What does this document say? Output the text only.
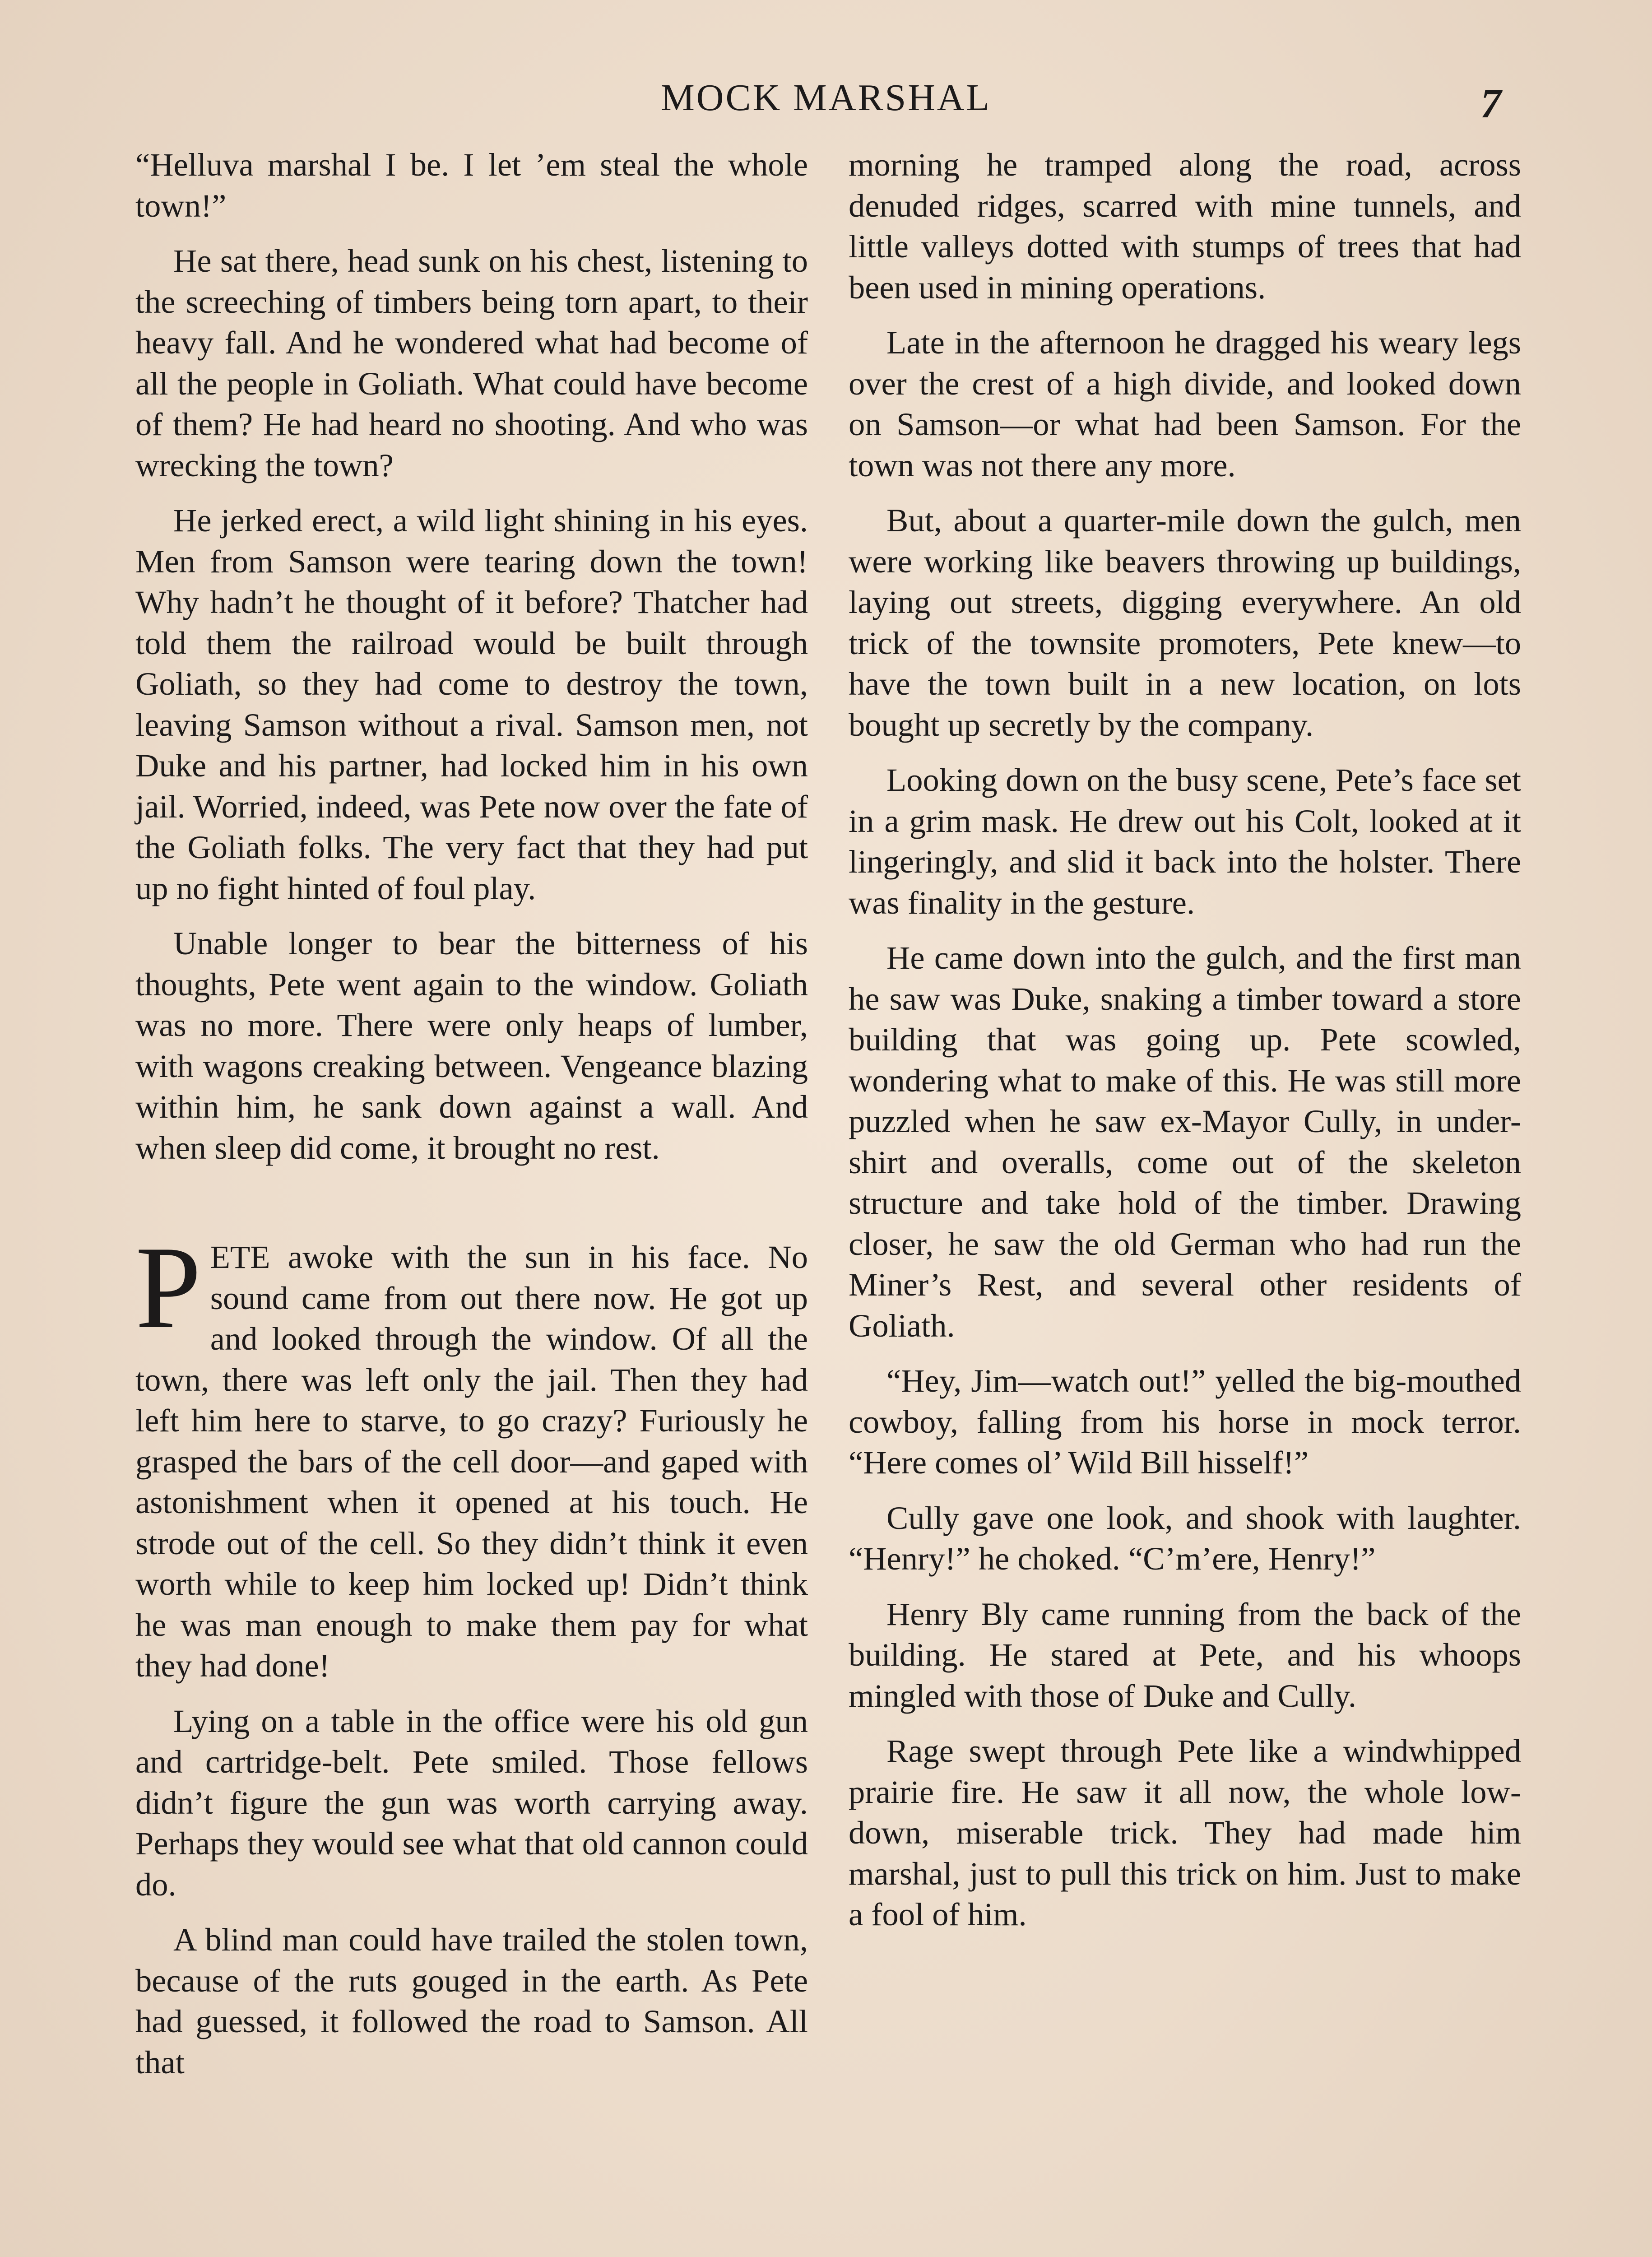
MOCK MARSHAL	7

“Helluva marshal I be. I let ’em steal the whole town!”

He sat there, head sunk on his chest, listening to the screeching of timbers being torn apart, to their heavy fall. And he wondered what had become of all the people in Goliath. What could have become of them? He had heard no shooting. And who was wrecking the town?

He jerked erect, a wild light shining in his eyes. Men from Samson were tearing down the town! Why hadn’t he thought of it before? Thatcher had told them the railroad would be built through Goliath, so they had come to destroy the town, leaving Samson without a rival. Samson men, not Duke and his partner, had locked him in his own jail. Worried, indeed, was Pete now over the fate of the Goliath folks. The very fact that they had put up no fight hinted of foul play.

Unable longer to bear the bitterness of his thoughts, Pete went again to the window. Goliath was no more. There were only heaps of lumber, with wagons creaking between. Vengeance blazing within him, he sank down against a wall. And when sleep did come, it brought no rest.

PETE awoke with the sun in his face. No sound came from out there now. He got up and looked through the window. Of all the town, there was left only the jail. Then they had left him here to starve, to go crazy? Furiously he grasped the bars of the cell door—and gaped with astonishment when it opened at his touch. He strode out of the cell. So they didn’t think it even worth while to keep him locked up! Didn’t think he was man enough to make them pay for what they had done!

Lying on a table in the office were his old gun and cartridge-belt. Pete smiled. Those fellows didn’t figure the gun was worth carrying away. Perhaps they would see what that old cannon could do.

A blind man could have trailed the stolen town, because of the ruts gouged in the earth. As Pete had guessed, it followed the road to Samson. All that

morning he tramped along the road, across denuded ridges, scarred with mine tunnels, and little valleys dotted with stumps of trees that had been used in mining operations.

Late in the afternoon he dragged his weary legs over the crest of a high divide, and looked down on Samson—or what had been Samson. For the town was not there any more.

But, about a quarter-mile down the gulch, men were working like beavers throwing up buildings, laying out streets, digging everywhere. An old trick of the townsite promoters, Pete knew—to have the town built in a new location, on lots bought up secretly by the company.

Looking down on the busy scene, Pete’s face set in a grim mask. He drew out his Colt, looked at it lingeringly, and slid it back into the holster. There was finality in the gesture.

He came down into the gulch, and the first man he saw was Duke, snaking a timber toward a store building that was going up. Pete scowled, wondering what to make of this. He was still more puzzled when he saw ex-Mayor Cully, in under-shirt and overalls, come out of the skeleton structure and take hold of the timber. Drawing closer, he saw the old German who had run the Miner’s Rest, and several other residents of Goliath.

“Hey, Jim—watch out!” yelled the big-mouthed cowboy, falling from his horse in mock terror. “Here comes ol’ Wild Bill hisself!”

Cully gave one look, and shook with laughter. “Henry!” he choked. “C’m’ere, Henry!”

Henry Bly came running from the back of the building. He stared at Pete, and his whoops mingled with those of Duke and Cully.

Rage swept through Pete like a windwhipped prairie fire. He saw it all now, the whole low-down, miserable trick. They had made him marshal, just to pull this trick on him. Just to make a fool of him.
